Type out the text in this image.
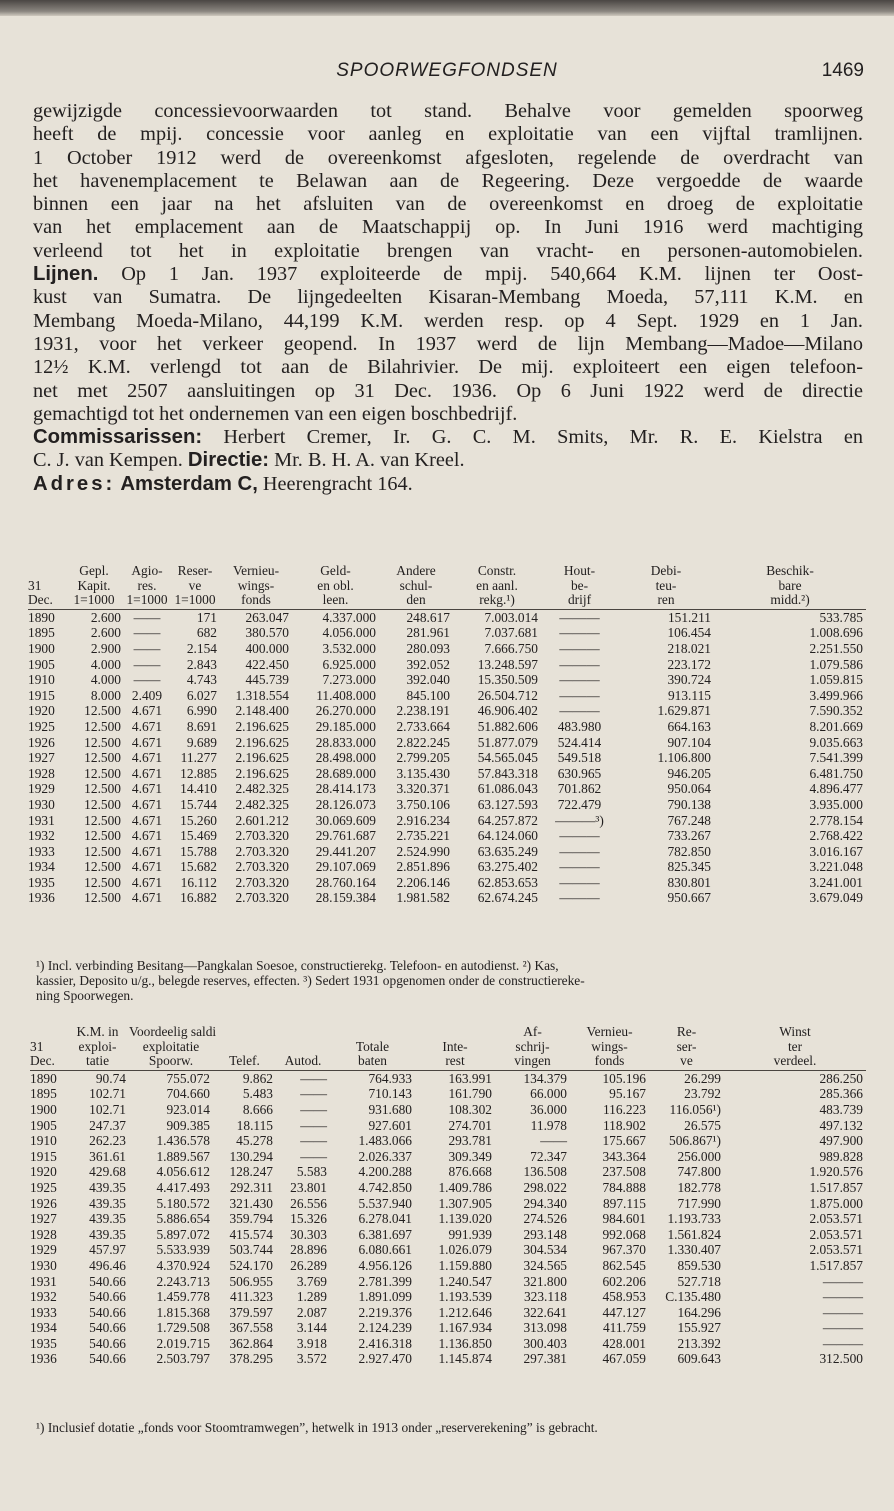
SPOORWEGFONDSEN	1469
gewijzigde concessievoorwaarden tot stand. Behalve voor gemelden spoorweg
heeft de mpij. concessie voor aanleg en exploitatie van een vijftal tramlijnen.
1 October 1912 werd de overeenkomst afgesloten, regelende de overdracht van
het havenemplacement te Belawan aan de Regeering. Deze vergoedde de waarde
binnen een jaar na het afsluiten van de overeenkomst en droeg de exploitatie
van het emplacement aan de Maatschappij op. In Juni 1916 werd machtiging
verleend tot het in exploitatie brengen van vracht- en personen-automobielen.
Lijnen. Op 1 Jan. 1937 exploiteerde de mpij. 540,664 K.M. lijnen ter Oost-
kust van Sumatra. De lijngedeelten Kisaran-Membang Moeda, 57,111 K.M. en
Membang Moeda-Milano, 44,199 K.M. werden resp. op 4 Sept. 1929 en 1 Jan.
1931, voor het verkeer geopend. In 1937 werd de lijn Membang—Madoe—Milano
12½ K.M. verlengd tot aan de Bilahrivier. De mij. exploiteert een eigen telefoon-
net met 2507 aansluitingen op 31 Dec. 1936. Op 6 Juni 1922 werd de directie
gemachtigd tot het ondernemen van een eigen boschbedrijf.
Commissarissen: Herbert Cremer, Ir. G. C. M. Smits, Mr. R. E. Kielstra en
C. J. van Kempen. Directie: Mr. B. H. A. van Kreel.
Adres: Amsterdam C, Heerengracht 164.
	Gepl.	Agio-	Reser-	Vernieu-	Geld-	Andere	Constr.	Hout-	Debi-	Beschik-
31	Kapit.	res.	ve	wings-	en obl.	schul-	en aanl.	be-	teu-	bare
Dec.	1=1000	1=1000	1=1000	fonds	leen.	den	rekg.¹)	drijf	ren	midd.²)
1890	2.600	——	171	263.047	4.337.000	248.617	7.003.014	———	151.211	533.785
1895	2.600	——	682	380.570	4.056.000	281.961	7.037.681	———	106.454	1.008.696
1900	2.900	——	2.154	400.000	3.532.000	280.093	7.666.750	———	218.021	2.251.550
1905	4.000	——	2.843	422.450	6.925.000	392.052	13.248.597	———	223.172	1.079.586
1910	4.000	——	4.743	445.739	7.273.000	392.040	15.350.509	———	390.724	1.059.815
1915	8.000	2.409	6.027	1.318.554	11.408.000	845.100	26.504.712	———	913.115	3.499.966
1920	12.500	4.671	6.990	2.148.400	26.270.000	2.238.191	46.906.402	———	1.629.871	7.590.352
1925	12.500	4.671	8.691	2.196.625	29.185.000	2.733.664	51.882.606	483.980	664.163	8.201.669
1926	12.500	4.671	9.689	2.196.625	28.833.000	2.822.245	51.877.079	524.414	907.104	9.035.663
1927	12.500	4.671	11.277	2.196.625	28.498.000	2.799.205	54.565.045	549.518	1.106.800	7.541.399
1928	12.500	4.671	12.885	2.196.625	28.689.000	3.135.430	57.843.318	630.965	946.205	6.481.750
1929	12.500	4.671	14.410	2.482.325	28.414.173	3.320.371	61.086.043	701.862	950.064	4.896.477
1930	12.500	4.671	15.744	2.482.325	28.126.073	3.750.106	63.127.593	722.479	790.138	3.935.000
1931	12.500	4.671	15.260	2.601.212	30.069.609	2.916.234	64.257.872	———³)	767.248	2.778.154
1932	12.500	4.671	15.469	2.703.320	29.761.687	2.735.221	64.124.060	———	733.267	2.768.422
1933	12.500	4.671	15.788	2.703.320	29.441.207	2.524.990	63.635.249	———	782.850	3.016.167
1934	12.500	4.671	15.682	2.703.320	29.107.069	2.851.896	63.275.402	———	825.345	3.221.048
1935	12.500	4.671	16.112	2.703.320	28.760.164	2.206.146	62.853.653	———	830.801	3.241.001
1936	12.500	4.671	16.882	2.703.320	28.159.384	1.981.582	62.674.245	———	950.667	3.679.049
¹) Incl. verbinding Besitang—Pangkalan Soesoe, constructierekg. Telefoon- en autodienst. ²) Kas,
kassier, Deposito u/g., belegde reserves, effecten. ³) Sedert 1931 opgenomen onder de constructiereke-
ning Spoorwegen.
	K.M. in	Voordeelig saldi					Af-	Vernieu-	Re-	Winst
31	exploi-	exploitatie			Totale	Inte-	schrij-	wings-	ser-	ter
Dec.	tatie	Spoorw.	Telef.	Autod.	baten	rest	vingen	fonds	ve	verdeel.
1890	90.74	755.072	9.862	——	764.933	163.991	134.379	105.196	26.299	286.250
1895	102.71	704.660	5.483	——	710.143	161.790	66.000	95.167	23.792	285.366
1900	102.71	923.014	8.666	——	931.680	108.302	36.000	116.223	116.056¹)	483.739
1905	247.37	909.385	18.115	——	927.601	274.701	11.978	118.902	26.575	497.132
1910	262.23	1.436.578	45.278	——	1.483.066	293.781	——	175.667	506.867¹)	497.900
1915	361.61	1.889.567	130.294	——	2.026.337	309.349	72.347	343.364	256.000	989.828
1920	429.68	4.056.612	128.247	5.583	4.200.288	876.668	136.508	237.508	747.800	1.920.576
1925	439.35	4.417.493	292.311	23.801	4.742.850	1.409.786	298.022	784.888	182.778	1.517.857
1926	439.35	5.180.572	321.430	26.556	5.537.940	1.307.905	294.340	897.115	717.990	1.875.000
1927	439.35	5.886.654	359.794	15.326	6.278.041	1.139.020	274.526	984.601	1.193.733	2.053.571
1928	439.35	5.897.072	415.574	30.303	6.381.697	991.939	293.148	992.068	1.561.824	2.053.571
1929	457.97	5.533.939	503.744	28.896	6.080.661	1.026.079	304.534	967.370	1.330.407	2.053.571
1930	496.46	4.370.924	524.170	26.289	4.956.126	1.159.880	324.565	862.545	859.530	1.517.857
1931	540.66	2.243.713	506.955	3.769	2.781.399	1.240.547	321.800	602.206	527.718	———
1932	540.66	1.459.778	411.323	1.289	1.891.099	1.193.539	323.118	458.953	C.135.480	———
1933	540.66	1.815.368	379.597	2.087	2.219.376	1.212.646	322.641	447.127	164.296	———
1934	540.66	1.729.508	367.558	3.144	2.124.239	1.167.934	313.098	411.759	155.927	———
1935	540.66	2.019.715	362.864	3.918	2.416.318	1.136.850	300.403	428.001	213.392	———
1936	540.66	2.503.797	378.295	3.572	2.927.470	1.145.874	297.381	467.059	609.643	312.500
¹) Inclusief dotatie „fonds voor Stoomtramwegen”, hetwelk in 1913 onder „reserverekening” is gebracht.
